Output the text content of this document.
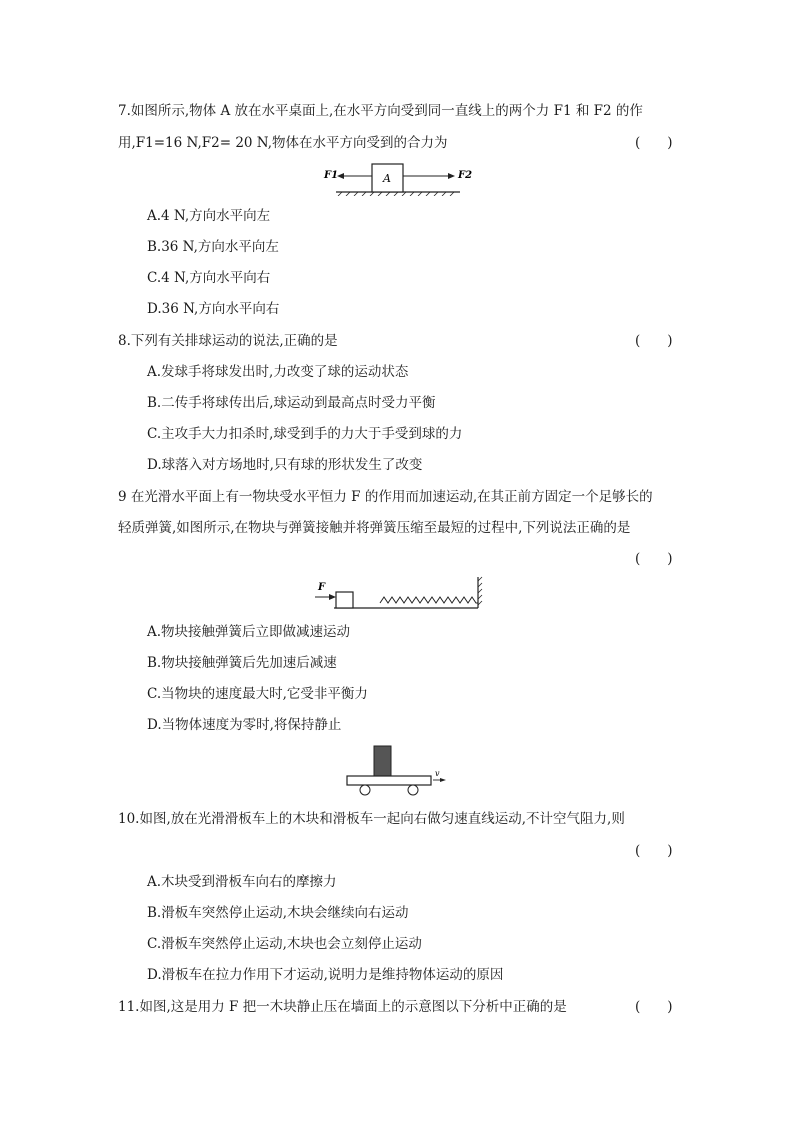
7.如图所示,物体 A 放在水平桌面上,在水平方向受到同一直线上的两个力 F1 和 F2 的作
用,F1=16 N,F2= 20 N,物体在水平方向受到的合力为	(　　)
A
F1	F2
A.4 N,方向水平向左
B.36 N,方向水平向左
C.4 N,方向水平向右
D.36 N,方向水平向右
8.下列有关排球运动的说法,正确的是	(　　)
A.发球手将球发出时,力改变了球的运动状态
B.二传手将球传出后,球运动到最高点时受力平衡
C.主攻手大力扣杀时,球受到手的力大于手受到球的力
D.球落入对方场地时,只有球的形状发生了改变
9 在光滑水平面上有一物块受水平恒力 F 的作用而加速运动,在其正前方固定一个足够长的
轻质弹簧,如图所示,在物块与弹簧接触并将弹簧压缩至最短的过程中,下列说法正确的是
(　　)
F
A.物块接触弹簧后立即做减速运动
B.物块接触弹簧后先加速后减速
C.当物块的速度最大时,它受非平衡力
D.当物体速度为零时,将保持静止
v
10.如图,放在光滑滑板车上的木块和滑板车一起向右做匀速直线运动,不计空气阻力,则
(　　)
A.木块受到滑板车向右的摩擦力
B.滑板车突然停止运动,木块会继续向右运动
C.滑板车突然停止运动,木块也会立刻停止运动
D.滑板车在拉力作用下才运动,说明力是维持物体运动的原因
11.如图,这是用力 F 把一木块静止压在墙面上的示意图以下分析中正确的是	(　　)
